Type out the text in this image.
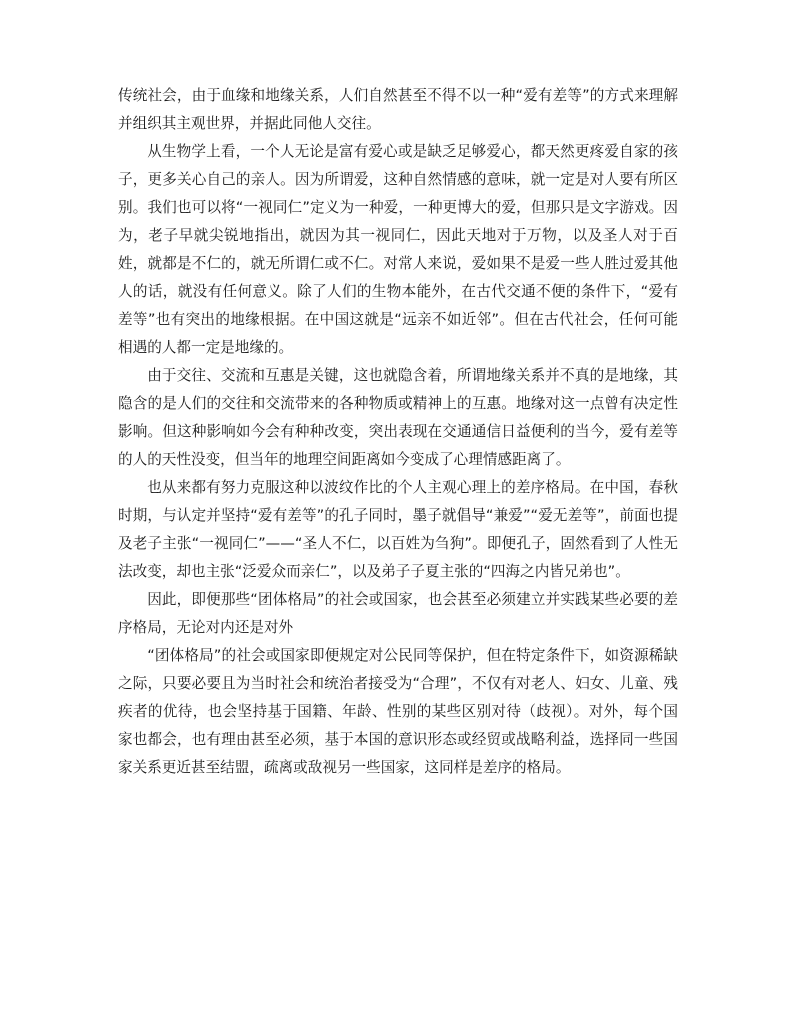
传统社会，由于血缘和地缘关系，人们自然甚至不得不以一种“爱有差等”的方式来理解并组织其主观世界，并据此同他人交往。

从生物学上看，一个人无论是富有爱心或是缺乏足够爱心，都天然更疼爱自家的孩子，更多关心自己的亲人。因为所谓爱，这种自然情感的意味，就一定是对人要有所区别。我们也可以将“一视同仁”定义为一种爱，一种更博大的爱，但那只是文字游戏。因为，老子早就尖锐地指出，就因为其一视同仁，因此天地对于万物，以及圣人对于百姓，就都是不仁的，就无所谓仁或不仁。对常人来说，爱如果不是爱一些人胜过爱其他人的话，就没有任何意义。除了人们的生物本能外，在古代交通不便的条件下，“爱有差等”也有突出的地缘根据。在中国这就是“远亲不如近邻”。但在古代社会，任何可能相遇的人都一定是地缘的。

由于交往、交流和互惠是关键，这也就隐含着，所谓地缘关系并不真的是地缘，其隐含的是人们的交往和交流带来的各种物质或精神上的互惠。地缘对这一点曾有决定性影响。但这种影响如今会有种种改变，突出表现在交通通信日益便利的当今，爱有差等的人的天性没变，但当年的地理空间距离如今变成了心理情感距离了。

也从来都有努力克服这种以波纹作比的个人主观心理上的差序格局。在中国，春秋时期，与认定并坚持“爱有差等”的孔子同时，墨子就倡导“兼爱”“爱无差等”，前面也提及老子主张“一视同仁”——“圣人不仁，以百姓为刍狗”。即便孔子，固然看到了人性无法改变，却也主张“泛爱众而亲仁”，以及弟子子夏主张的“四海之内皆兄弟也”。

因此，即便那些“团体格局”的社会或国家，也会甚至必须建立并实践某些必要的差序格局，无论对内还是对外

“团体格局”的社会或国家即便规定对公民同等保护，但在特定条件下，如资源稀缺之际，只要必要且为当时社会和统治者接受为“合理”，不仅有对老人、妇女、儿童、残疾者的优待，也会坚持基于国籍、年龄、性别的某些区别对待（歧视）。对外，每个国家也都会，也有理由甚至必须，基于本国的意识形态或经贸或战略利益，选择同一些国家关系更近甚至结盟，疏离或敌视另一些国家，这同样是差序的格局。
